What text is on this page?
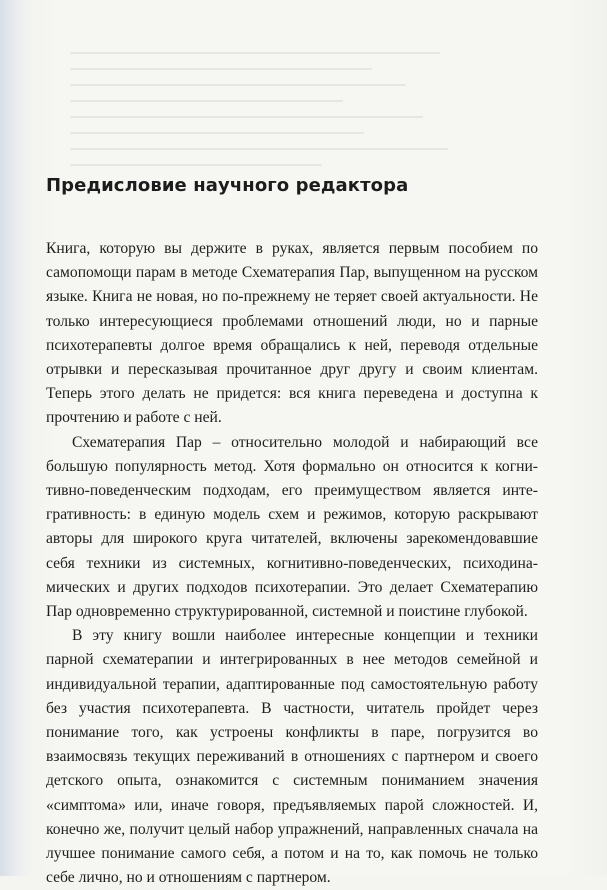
Предисловие научного редактора

Книга, которую вы держите в руках, является первым пособием по самопомощи парам в методе Схематерапия Пар, выпущенном на русском языке. Книга не новая, но по-прежнему не теряет своей актуальности. Не только интересующиеся проблемами отношений люди, но и парные психотерапевты долгое время обращались к ней, переводя отдельные отрывки и пересказывая прочитанное друг другу и своим клиентам. Теперь этого делать не придется: вся книга переведена и доступна к прочтению и работе с ней.

Схематерапия Пар – относительно молодой и набирающий все большую популярность метод. Хотя формально он относится к когнитивно-поведенческим подходам, его преимуществом является интегративность: в единую модель схем и режимов, которую раскрывают авторы для широкого круга читателей, включены зарекомендовавшие себя техники из системных, когнитивно-поведенческих, психодинамических и других подходов психотерапии. Это делает Схематерапию Пар одновременно структурированной, системной и поистине глубокой.

В эту книгу вошли наиболее интересные концепции и техники парной схематерапии и интегрированных в нее методов семейной и индивидуальной терапии, адаптированные под самостоятельную работу без участия психотерапевта. В частности, читатель пройдет через понимание того, как устроены конфликты в паре, погрузится во взаимосвязь текущих переживаний в отношениях с партнером и своего детского опыта, ознакомится с системным пониманием значения «симптома» или, иначе говоря, предъявляемых парой сложностей. И, конечно же, получит целый набор упражнений, направленных сначала на лучшее понимание самого себя, а потом и на то, как помочь не только себе лично, но и отношениям с партнером.
